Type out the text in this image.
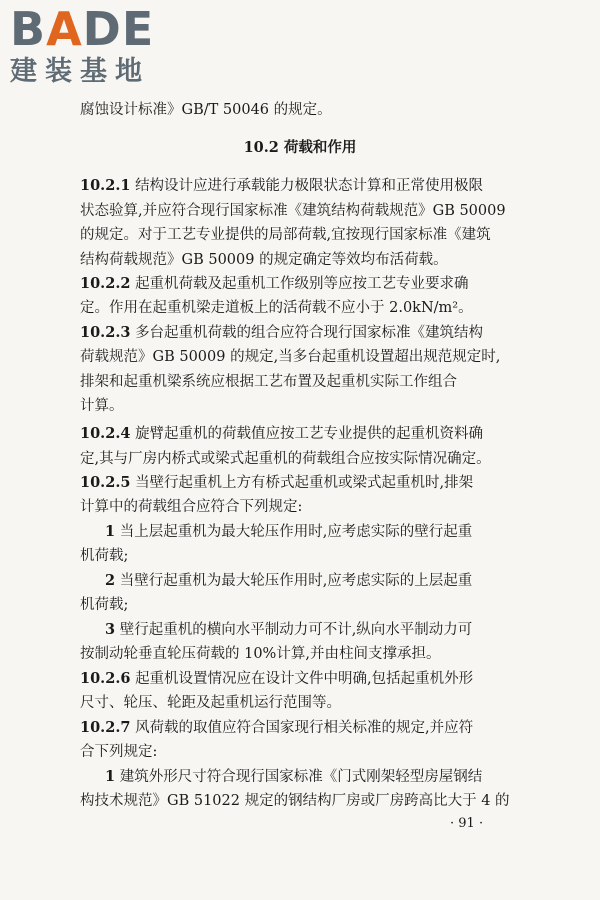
BADE
建装基地
腐蚀设计标准》GB/T 50046 的规定。
10.2 荷载和作用
10.2.1 结构设计应进行承载能力极限状态计算和正常使用极限
状态验算,并应符合现行国家标准《建筑结构荷载规范》GB 50009
的规定。对于工艺专业提供的局部荷载,宜按现行国家标准《建筑
结构荷载规范》GB 50009 的规定确定等效均布活荷载。
10.2.2 起重机荷载及起重机工作级别等应按工艺专业要求确
定。作用在起重机梁走道板上的活荷载不应小于 2.0kN/m²。
10.2.3 多台起重机荷载的组合应符合现行国家标准《建筑结构
荷载规范》GB 50009 的规定,当多台起重机设置超出规范规定时,
排架和起重机梁系统应根据工艺布置及起重机实际工作组合
计算。
10.2.4 旋臂起重机的荷载值应按工艺专业提供的起重机资料确
定,其与厂房内桥式或梁式起重机的荷载组合应按实际情况确定。
10.2.5 当壁行起重机上方有桥式起重机或梁式起重机时,排架
计算中的荷载组合应符合下列规定:
1 当上层起重机为最大轮压作用时,应考虑实际的壁行起重
机荷载;
2 当壁行起重机为最大轮压作用时,应考虑实际的上层起重
机荷载;
3 壁行起重机的横向水平制动力可不计,纵向水平制动力可
按制动轮垂直轮压荷载的 10%计算,并由柱间支撑承担。
10.2.6 起重机设置情况应在设计文件中明确,包括起重机外形
尺寸、轮压、轮距及起重机运行范围等。
10.2.7 风荷载的取值应符合国家现行相关标准的规定,并应符
合下列规定:
1 建筑外形尺寸符合现行国家标准《门式刚架轻型房屋钢结
构技术规范》GB 51022 规定的钢结构厂房或厂房跨高比大于 4 的
· 91 ·
